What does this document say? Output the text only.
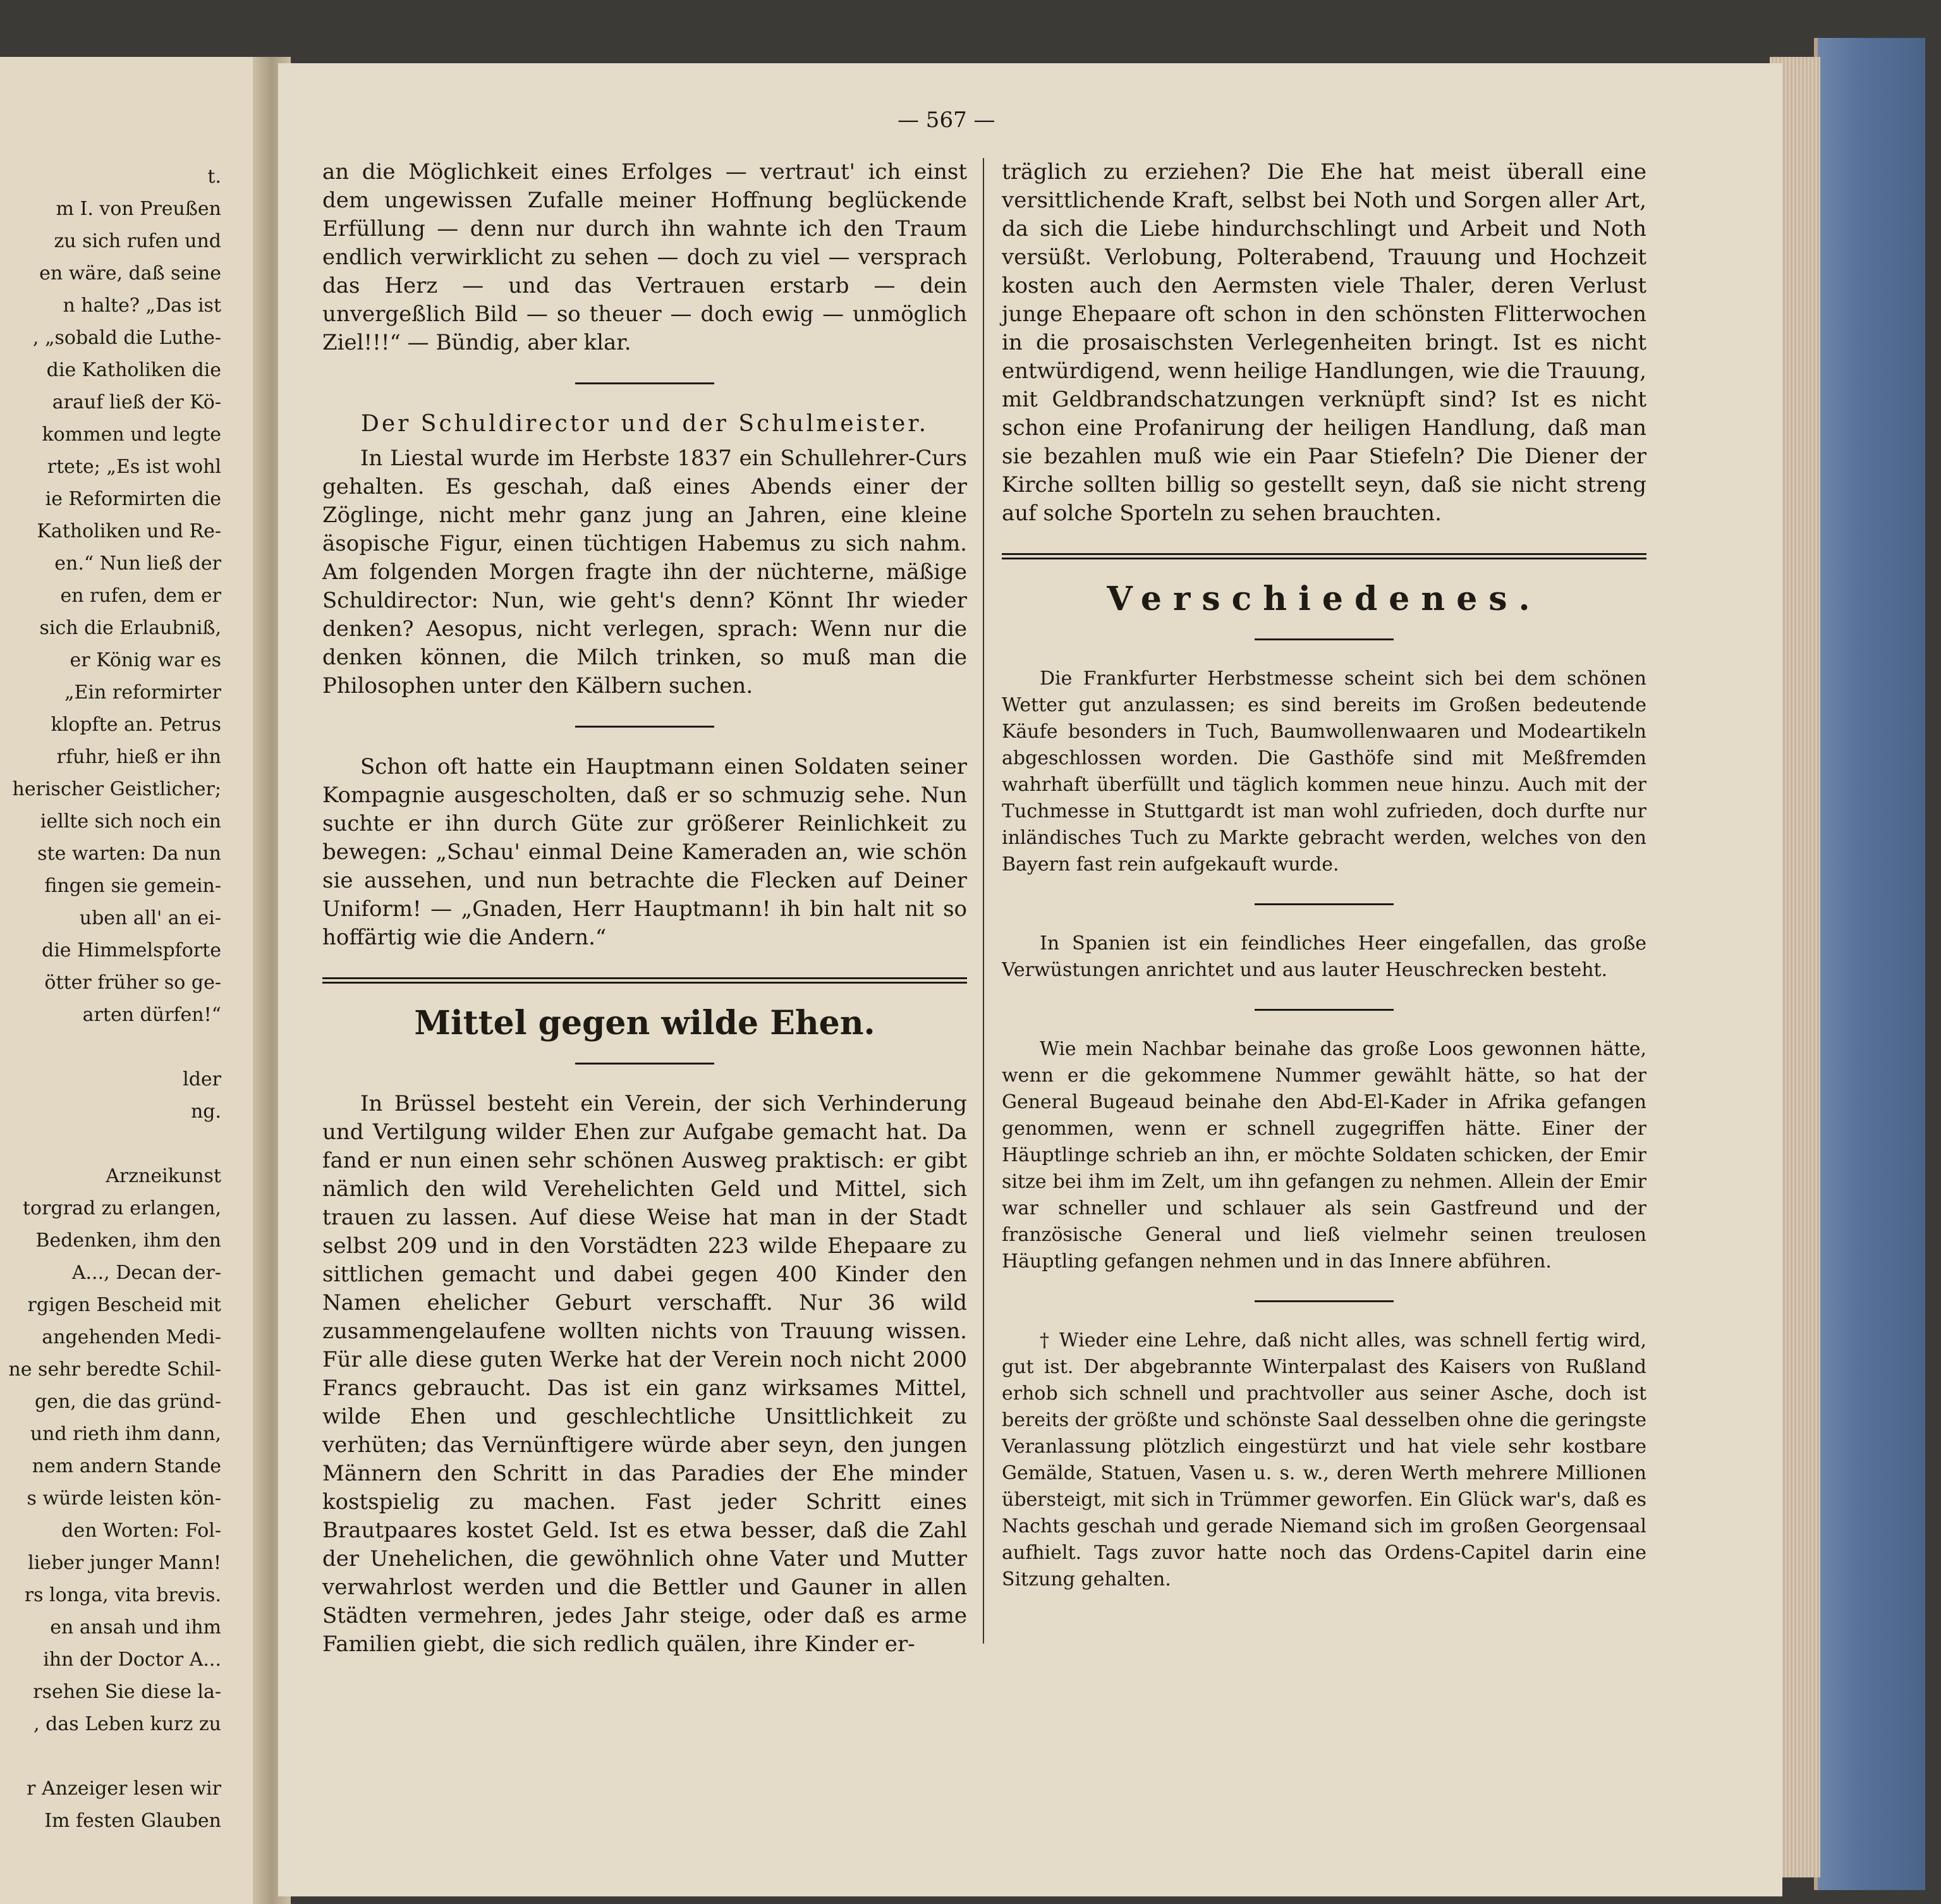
t.
m I. von Preußen
zu sich rufen und
en wäre, daß seine
n halte? „Das ist
, „sobald die Luthe-
die Katholiken die
arauf ließ der Kö-
kommen und legte
rtete; „Es ist wohl
ie Reformirten die
Katholiken und Re-
en.“ Nun ließ der
en rufen, dem er
sich die Erlaubniß,
er König war es
„Ein reformirter
klopfte an. Petrus
rfuhr, hieß er ihn
herischer Geistlicher;
iellte sich noch ein
ste warten: Da nun
fingen sie gemein-
uben all' an ei-
die Himmelspforte
ötter früher so ge-
arten dürfen!“
lder
ng.
Arzneikunst
torgrad zu erlangen,
Bedenken, ihm den
A..., Decan der-
rgigen Bescheid mit
angehenden Medi-
ne sehr beredte Schil-
gen, die das gründ-
und rieth ihm dann,
nem andern Stande
s würde leisten kön-
den Worten: Fol-
lieber junger Mann!
rs longa, vita brevis.
en ansah und ihm
ihn der Doctor A...
rsehen Sie diese la-
, das Leben kurz zu
r Anzeiger lesen wir
Im festen Glauben
— 567 —

an die Möglichkeit eines Erfolges — vertraut' ich einst dem ungewissen Zufalle meiner Hoffnung beglückende Erfüllung — denn nur durch ihn wahnte ich den Traum endlich verwirklicht zu sehen — doch zu viel — versprach das Herz — und das Vertrauen erstarb — dein unvergeßlich Bild — so theuer — doch ewig — unmöglich Ziel!!!“ — Bündig, aber klar.

Der Schuldirector und der Schulmeister.

In Liestal wurde im Herbste 1837 ein Schullehrer-Curs gehalten. Es geschah, daß eines Abends einer der Zöglinge, nicht mehr ganz jung an Jahren, eine kleine äsopische Figur, einen tüchtigen Habemus zu sich nahm. Am folgenden Morgen fragte ihn der nüchterne, mäßige Schuldirector: Nun, wie geht's denn? Könnt Ihr wieder denken? Aesopus, nicht verlegen, sprach: Wenn nur die denken können, die Milch trinken, so muß man die Philosophen unter den Kälbern suchen.

Schon oft hatte ein Hauptmann einen Soldaten seiner Kompagnie ausgescholten, daß er so schmuzig sehe. Nun suchte er ihn durch Güte zur größerer Reinlichkeit zu bewegen: „Schau' einmal Deine Kameraden an, wie schön sie aussehen, und nun betrachte die Flecken auf Deiner Uniform! — „Gnaden, Herr Hauptmann! ih bin halt nit so hoffärtig wie die Andern.“

Mittel gegen wilde Ehen.

In Brüssel besteht ein Verein, der sich Verhinderung und Vertilgung wilder Ehen zur Aufgabe gemacht hat. Da fand er nun einen sehr schönen Ausweg praktisch: er gibt nämlich den wild Verehelichten Geld und Mittel, sich trauen zu lassen. Auf diese Weise hat man in der Stadt selbst 209 und in den Vorstädten 223 wilde Ehepaare zu sittlichen gemacht und dabei gegen 400 Kinder den Namen ehelicher Geburt verschafft. Nur 36 wild zusammengelaufene wollten nichts von Trauung wissen. Für alle diese guten Werke hat der Verein noch nicht 2000 Francs gebraucht. Das ist ein ganz wirksames Mittel, wilde Ehen und geschlechtliche Unsittlichkeit zu verhüten; das Vernünftigere würde aber seyn, den jungen Männern den Schritt in das Paradies der Ehe minder kostspielig zu machen. Fast jeder Schritt eines Brautpaares kostet Geld. Ist es etwa besser, daß die Zahl der Unehelichen, die gewöhnlich ohne Vater und Mutter verwahrlost werden und die Bettler und Gauner in allen Städten vermehren, jedes Jahr steige, oder daß es arme Familien giebt, die sich redlich quälen, ihre Kinder er-

träglich zu erziehen? Die Ehe hat meist überall eine versittlichende Kraft, selbst bei Noth und Sorgen aller Art, da sich die Liebe hindurchschlingt und Arbeit und Noth versüßt. Verlobung, Polterabend, Trauung und Hochzeit kosten auch den Aermsten viele Thaler, deren Verlust junge Ehepaare oft schon in den schönsten Flitterwochen in die prosaischsten Verlegenheiten bringt. Ist es nicht entwürdigend, wenn heilige Handlungen, wie die Trauung, mit Geldbrandschatzungen verknüpft sind? Ist es nicht schon eine Profanirung der heiligen Handlung, daß man sie bezahlen muß wie ein Paar Stiefeln? Die Diener der Kirche sollten billig so gestellt seyn, daß sie nicht streng auf solche Sporteln zu sehen brauchten.

Verschiedenes.

Die Frankfurter Herbstmesse scheint sich bei dem schönen Wetter gut anzulassen; es sind bereits im Großen bedeutende Käufe besonders in Tuch, Baumwollenwaaren und Modeartikeln abgeschlossen worden. Die Gasthöfe sind mit Meßfremden wahrhaft überfüllt und täglich kommen neue hinzu. Auch mit der Tuchmesse in Stuttgardt ist man wohl zufrieden, doch durfte nur inländisches Tuch zu Markte gebracht werden, welches von den Bayern fast rein aufgekauft wurde.

In Spanien ist ein feindliches Heer eingefallen, das große Verwüstungen anrichtet und aus lauter Heuschrecken besteht.

Wie mein Nachbar beinahe das große Loos gewonnen hätte, wenn er die gekommene Nummer gewählt hätte, so hat der General Bugeaud beinahe den Abd-El-Kader in Afrika gefangen genommen, wenn er schnell zugegriffen hätte. Einer der Häuptlinge schrieb an ihn, er möchte Soldaten schicken, der Emir sitze bei ihm im Zelt, um ihn gefangen zu nehmen. Allein der Emir war schneller und schlauer als sein Gastfreund und der französische General und ließ vielmehr seinen treulosen Häuptling gefangen nehmen und in das Innere abführen.

† Wieder eine Lehre, daß nicht alles, was schnell fertig wird, gut ist. Der abgebrannte Winterpalast des Kaisers von Rußland erhob sich schnell und prachtvoller aus seiner Asche, doch ist bereits der größte und schönste Saal desselben ohne die geringste Veranlassung plötzlich eingestürzt und hat viele sehr kostbare Gemälde, Statuen, Vasen u. s. w., deren Werth mehrere Millionen übersteigt, mit sich in Trümmer geworfen. Ein Glück war's, daß es Nachts geschah und gerade Niemand sich im großen Georgensaal aufhielt. Tags zuvor hatte noch das Ordens-Capitel darin eine Sitzung gehalten.
